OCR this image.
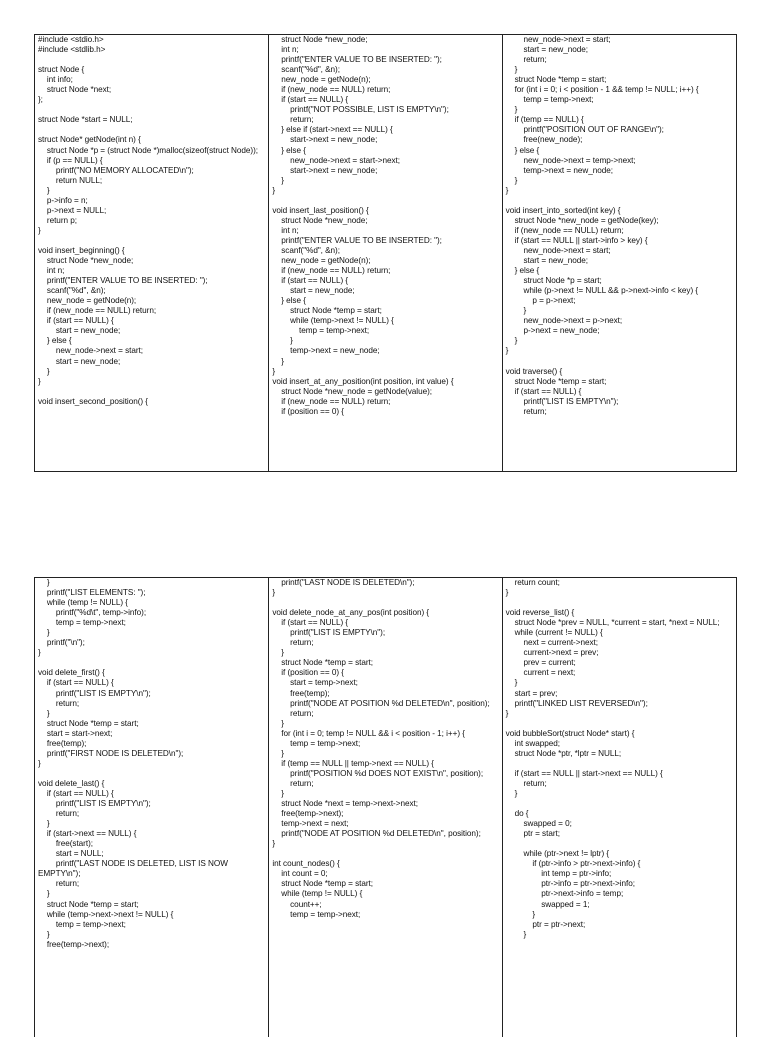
#include <stdio.h>
#include <stdlib.h>

struct Node {
int info;
struct Node *next;
};

struct Node *start = NULL;

struct Node* getNode(int n) {
struct Node *p = (struct Node *)malloc(sizeof(struct Node));
if (p == NULL) {
printf("NO MEMORY ALLOCATED\n");
return NULL;
}
p->info = n;
p->next = NULL;
return p;
}

void insert_beginning() {
struct Node *new_node;
int n;
printf("ENTER VALUE TO BE INSERTED: ");
scanf("%d", &n);
new_node = getNode(n);
if (new_node == NULL) return;
if (start == NULL) {
start = new_node;
} else {
new_node->next = start;
start = new_node;
}
}

void insert_second_position() {
struct Node *new_node;
int n;
printf("ENTER VALUE TO BE INSERTED: ");
scanf("%d", &n);
new_node = getNode(n);
if (new_node == NULL) return;
if (start == NULL) {
printf("NOT POSSIBLE, LIST IS EMPTY\n");
return;
} else if (start->next == NULL) {
start->next = new_node;
} else {
new_node->next = start->next;
start->next = new_node;
}
}

void insert_last_position() {
struct Node *new_node;
int n;
printf("ENTER VALUE TO BE INSERTED: ");
scanf("%d", &n);
new_node = getNode(n);
if (new_node == NULL) return;
if (start == NULL) {
start = new_node;
} else {
struct Node *temp = start;
while (temp->next != NULL) {
temp = temp->next;
}
temp->next = new_node;
}
}
void insert_at_any_position(int position, int value) {
struct Node *new_node = getNode(value);
if (new_node == NULL) return;
if (position == 0) {
new_node->next = start;
start = new_node;
return;
}
struct Node *temp = start;
for (int i = 0; i < position - 1 && temp != NULL; i++) {
temp = temp->next;
}
if (temp == NULL) {
printf("POSITION OUT OF RANGE\n");
free(new_node);
} else {
new_node->next = temp->next;
temp->next = new_node;
}
}

void insert_into_sorted(int key) {
struct Node *new_node = getNode(key);
if (new_node == NULL) return;
if (start == NULL || start->info > key) {
new_node->next = start;
start = new_node;
} else {
struct Node *p = start;
while (p->next != NULL && p->next->info < key) {
p = p->next;
}
new_node->next = p->next;
p->next = new_node;
}
}

void traverse() {
struct Node *temp = start;
if (start == NULL) {
printf("LIST IS EMPTY\n");
return;
}
printf("LIST ELEMENTS: ");
while (temp != NULL) {
printf("%d\t", temp->info);
temp = temp->next;
}
printf("\n");
}

void delete_first() {
if (start == NULL) {
printf("LIST IS EMPTY\n");
return;
}
struct Node *temp = start;
start = start->next;
free(temp);
printf("FIRST NODE IS DELETED\n");
}

void delete_last() {
if (start == NULL) {
printf("LIST IS EMPTY\n");
return;
}
if (start->next == NULL) {
free(start);
start = NULL;
printf("LAST NODE IS DELETED, LIST IS NOW EMPTY\n");
return;
}
struct Node *temp = start;
while (temp->next->next != NULL) {
temp = temp->next;
}
free(temp->next);
printf("LAST NODE IS DELETED\n");
}

void delete_node_at_any_pos(int position) {
if (start == NULL) {
printf("LIST IS EMPTY\n");
return;
}
struct Node *temp = start;
if (position == 0) {
start = temp->next;
free(temp);
printf("NODE AT POSITION %d DELETED\n", position);
return;
}
for (int i = 0; temp != NULL && i < position - 1; i++) {
temp = temp->next;
}
if (temp == NULL || temp->next == NULL) {
printf("POSITION %d DOES NOT EXIST\n", position);
return;
}
struct Node *next = temp->next->next;
free(temp->next);
temp->next = next;
printf("NODE AT POSITION %d DELETED\n", position);
}

int count_nodes() {
int count = 0;
struct Node *temp = start;
while (temp != NULL) {
count++;
temp = temp->next;
return count;
}

void reverse_list() {
struct Node *prev = NULL, *current = start, *next = NULL;
while (current != NULL) {
next = current->next;
current->next = prev;
prev = current;
current = next;
}
start = prev;
printf("LINKED LIST REVERSED\n");
}

void bubbleSort(struct Node* start) {
int swapped;
struct Node *ptr, *lptr = NULL;

if (start == NULL || start->next == NULL) {
return;
}

do {
swapped = 0;
ptr = start;

while (ptr->next != lptr) {
if (ptr->info > ptr->next->info) {
int temp = ptr->info;
ptr->info = ptr->next->info;
ptr->next->info = temp;
swapped = 1;
}
ptr = ptr->next;
}
